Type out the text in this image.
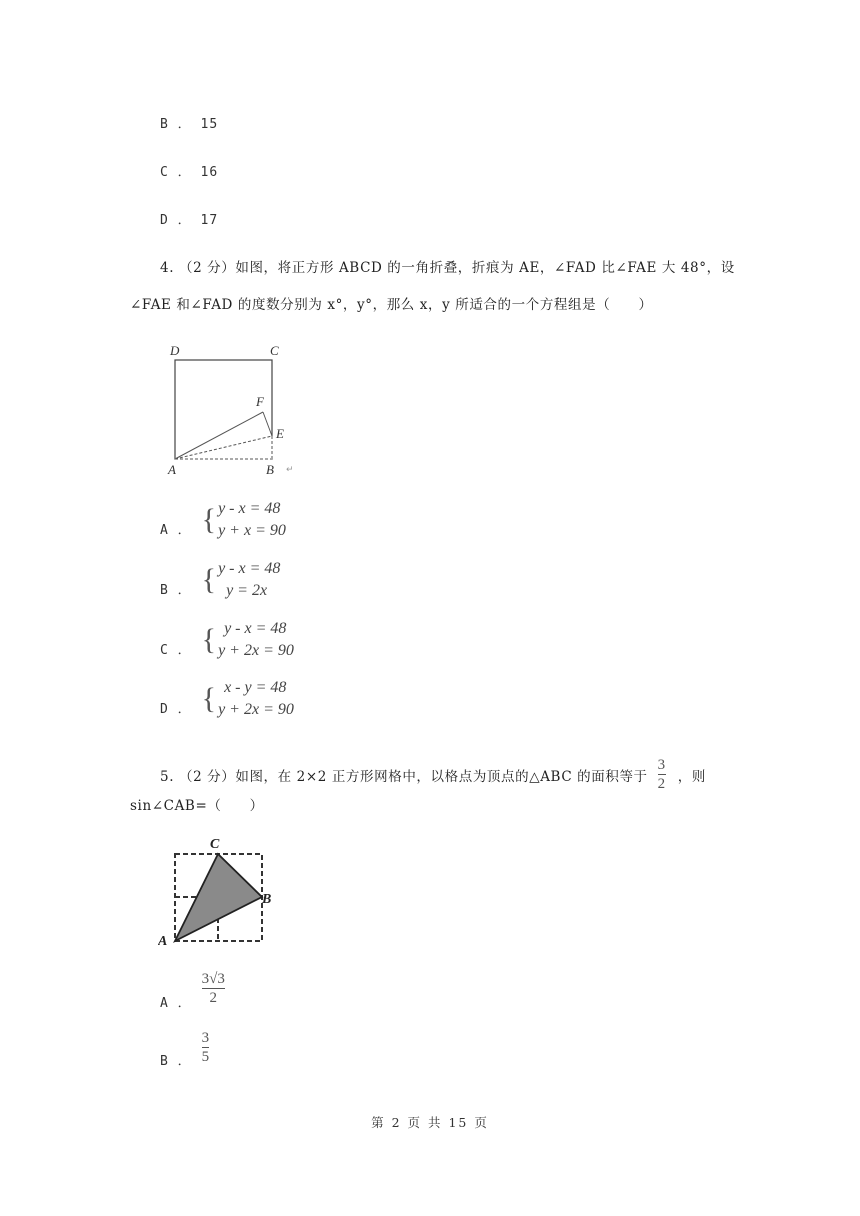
B ． 15
C ． 16
D ． 17
4. （2 分）如图，将正方形 ABCD 的一角折叠，折痕为 AE，∠FAD 比∠FAE 大 48°，设
∠FAE 和∠FAD 的度数分别为 x°，y°，那么 x，y 所适合的一个方程组是（　　）
D	C
F
E
A	B ↵
A ． { y - x = 48
y + x = 90
B ． { y - x = 48
y = 2x
C ． { y - x = 48
y + 2x = 90
D ． { x - y = 48
y + 2x = 90
5. （2 分）如图，在 2×2 正方形网格中，以格点为顶点的△ABC 的面积等于 $\frac{3}{2}$ ，则
sin∠CAB=（　　）
C
B
A
A ． $\frac{3√3}{2}$
B ． $\frac{3}{5}$
第 2 页 共 15 页
